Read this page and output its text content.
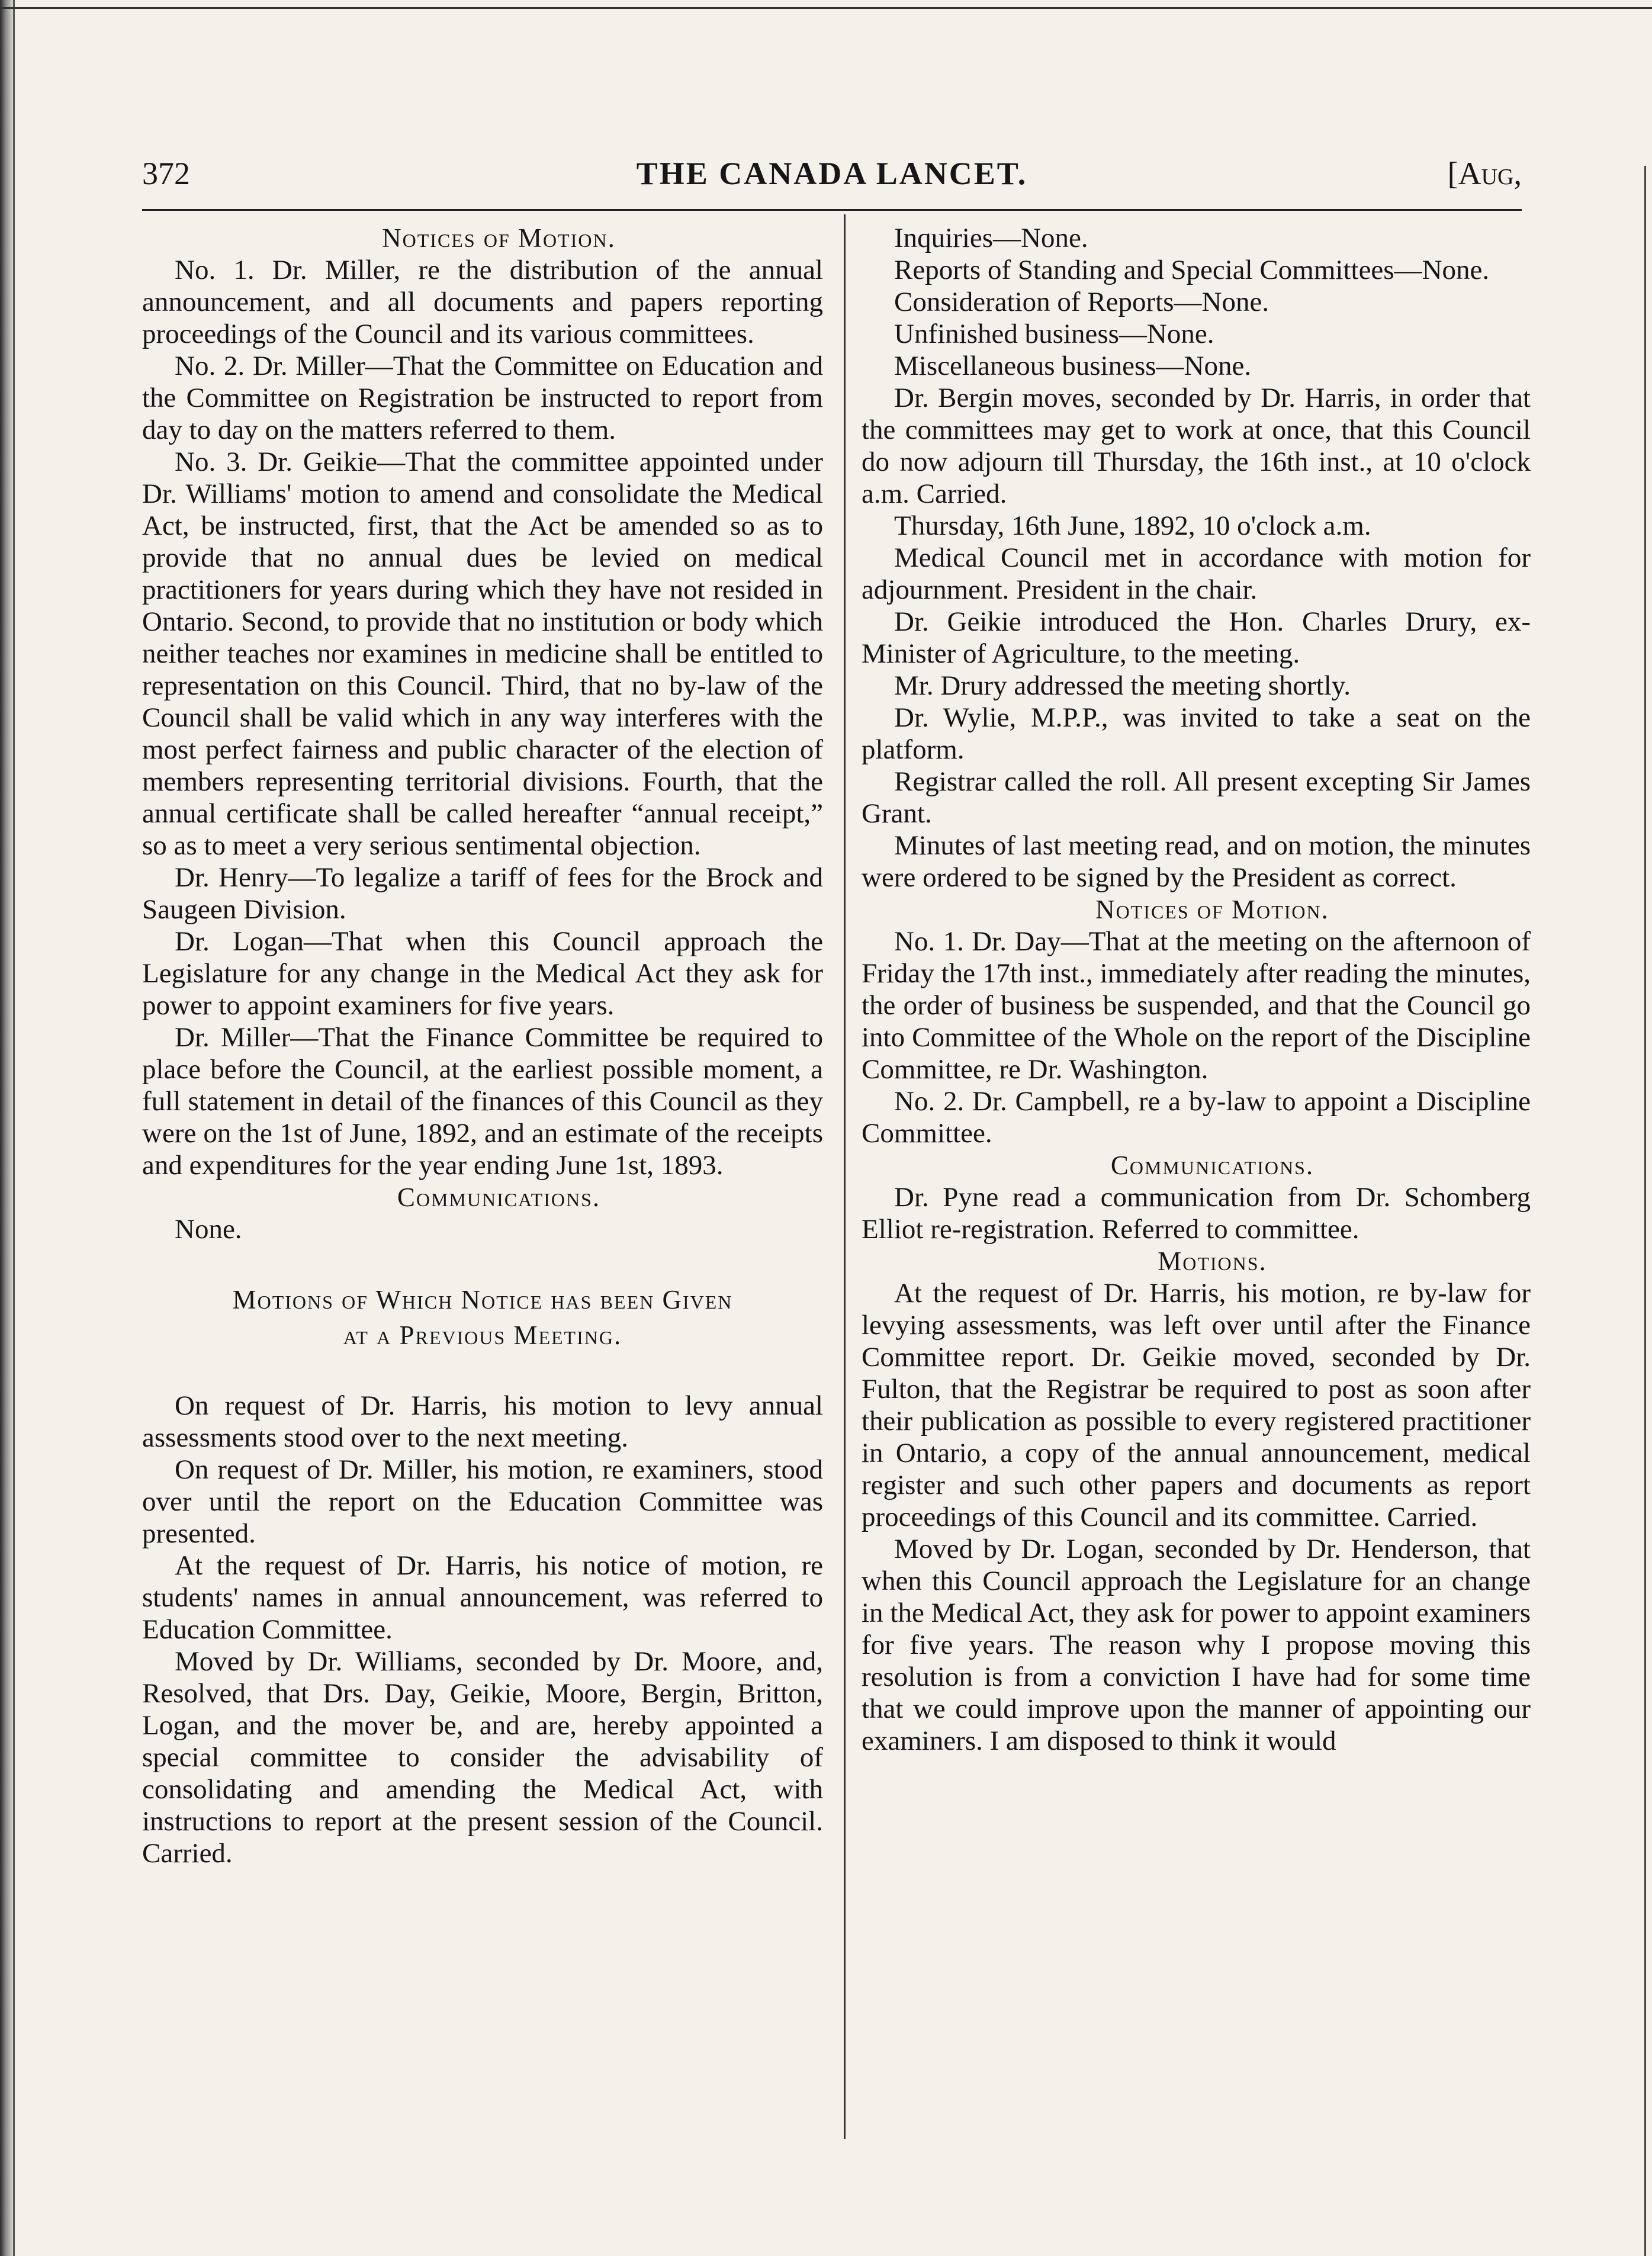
372	THE CANADA LANCET.	[Aug,

Notices of Motion.

No. 1. Dr. Miller, re the distribution of the annual announcement, and all documents and papers reporting proceedings of the Council and its various committees.

No. 2. Dr. Miller—That the Committee on Education and the Committee on Registration be instructed to report from day to day on the matters referred to them.

No. 3. Dr. Geikie—That the committee appointed under Dr. Williams' motion to amend and consolidate the Medical Act, be instructed, first, that the Act be amended so as to provide that no annual dues be levied on medical practitioners for years during which they have not resided in Ontario. Second, to provide that no institution or body which neither teaches nor examines in medicine shall be entitled to representation on this Council. Third, that no by-law of the Council shall be valid which in any way interferes with the most perfect fairness and public character of the election of members representing territorial divisions. Fourth, that the annual certificate shall be called hereafter “annual receipt,” so as to meet a very serious sentimental objection.

Dr. Henry—To legalize a tariff of fees for the Brock and Saugeen Division.

Dr. Logan—That when this Council approach the Legislature for any change in the Medical Act they ask for power to appoint examiners for five years.

Dr. Miller—That the Finance Committee be required to place before the Council, at the earliest possible moment, a full statement in detail of the finances of this Council as they were on the 1st of June, 1892, and an estimate of the receipts and expenditures for the year ending June 1st, 1893.

Communications.

None.

Motions of Which Notice has been Given
at a Previous Meeting.

On request of Dr. Harris, his motion to levy annual assessments stood over to the next meeting.

On request of Dr. Miller, his motion, re examiners, stood over until the report on the Education Committee was presented.

At the request of Dr. Harris, his notice of motion, re students' names in annual announcement, was referred to Education Committee.

Moved by Dr. Williams, seconded by Dr. Moore, and, Resolved, that Drs. Day, Geikie, Moore, Bergin, Britton, Logan, and the mover be, and are, hereby appointed a special committee to consider the advisability of consolidating and amending the Medical Act, with instructions to report at the present session of the Council. Carried.

Inquiries—None.

Reports of Standing and Special Committees—None.

Consideration of Reports—None.

Unfinished business—None.

Miscellaneous business—None.

Dr. Bergin moves, seconded by Dr. Harris, in order that the committees may get to work at once, that this Council do now adjourn till Thursday, the 16th inst., at 10 o'clock a.m. Carried.

Thursday, 16th June, 1892, 10 o'clock a.m.

Medical Council met in accordance with motion for adjournment. President in the chair.

Dr. Geikie introduced the Hon. Charles Drury, ex-Minister of Agriculture, to the meeting.

Mr. Drury addressed the meeting shortly.

Dr. Wylie, M.P.P., was invited to take a seat on the platform.

Registrar called the roll. All present excepting Sir James Grant.

Minutes of last meeting read, and on motion, the minutes were ordered to be signed by the President as correct.

Notices of Motion.

No. 1. Dr. Day—That at the meeting on the afternoon of Friday the 17th inst., immediately after reading the minutes, the order of business be suspended, and that the Council go into Committee of the Whole on the report of the Discipline Committee, re Dr. Washington.

No. 2. Dr. Campbell, re a by-law to appoint a Discipline Committee.

Communications.

Dr. Pyne read a communication from Dr. Schomberg Elliot re-registration. Referred to committee.

Motions.

At the request of Dr. Harris, his motion, re by-law for levying assessments, was left over until after the Finance Committee report. Dr. Geikie moved, seconded by Dr. Fulton, that the Registrar be required to post as soon after their publication as possible to every registered practitioner in Ontario, a copy of the annual announcement, medical register and such other papers and documents as report proceedings of this Council and its committee. Carried.

Moved by Dr. Logan, seconded by Dr. Henderson, that when this Council approach the Legislature for an change in the Medical Act, they ask for power to appoint examiners for five years. The reason why I propose moving this resolution is from a conviction I have had for some time that we could improve upon the manner of appointing our examiners. I am disposed to think it would
